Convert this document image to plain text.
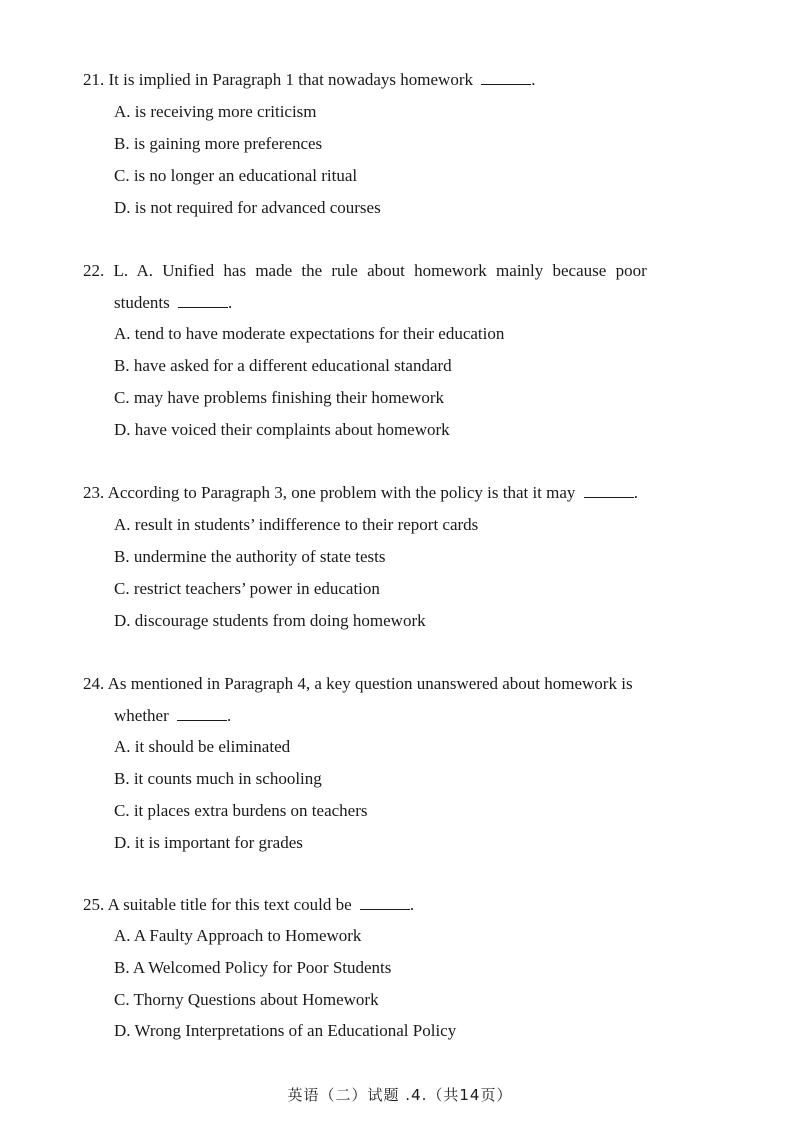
21. It is implied in Paragraph 1 that nowadays homework	.
A. is receiving more criticism
B. is gaining more preferences
C. is no longer an educational ritual
D. is not required for advanced courses
22. L. A. Unified has made the rule about homework mainly because poor
students	.
A. tend to have moderate expectations for their education
B. have asked for a different educational standard
C. may have problems finishing their homework
D. have voiced their complaints about homework
23. According to Paragraph 3, one problem with the policy is that it may	.
A. result in students’ indifference to their report cards
B. undermine the authority of state tests
C. restrict teachers’ power in education
D. discourage students from doing homework
24. As mentioned in Paragraph 4, a key question unanswered about homework is
whether	.
A. it should be eliminated
B. it counts much in schooling
C. it places extra burdens on teachers
D. it is important for grades
25. A suitable title for this text could be	.
A. A Faulty Approach to Homework
B. A Welcomed Policy for Poor Students
C. Thorny Questions about Homework
D. Wrong Interpretations of an Educational Policy
英语（二）试题 .4.（共14页）
